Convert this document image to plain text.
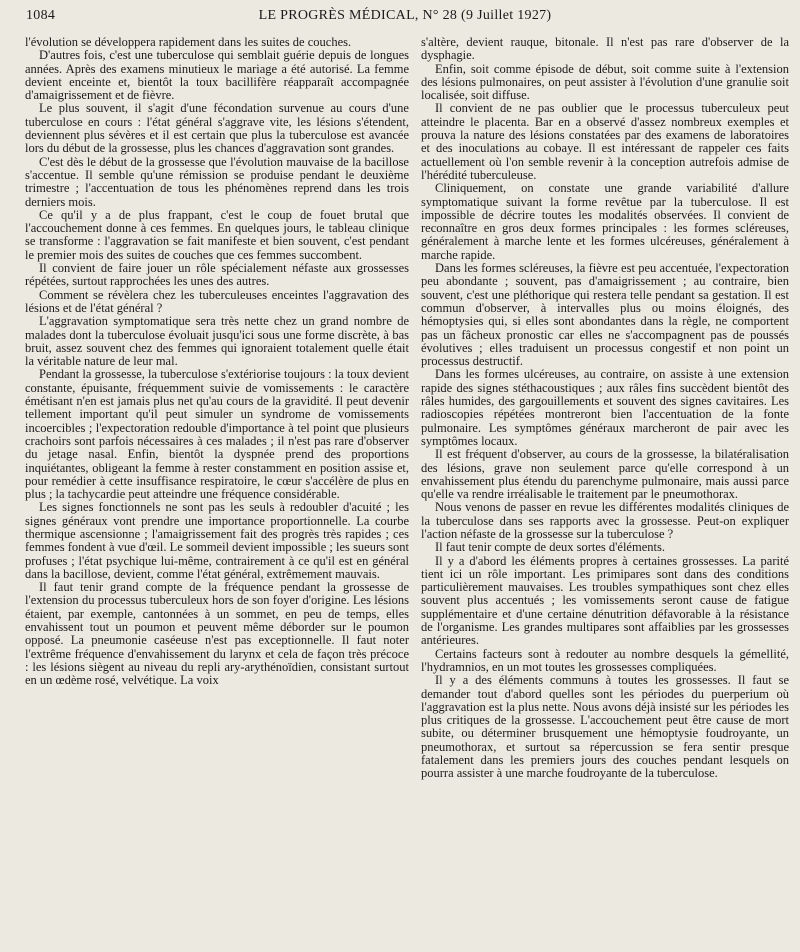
1084	LE PROGRÈS MÉDICAL, N° 28 (9 Juillet 1927)

l'évolution se développera rapidement dans les suites de couches.

D'autres fois, c'est une tuberculose qui semblait guérie depuis de longues années. Après des examens minutieux le mariage a été autorisé. La femme devient enceinte et, bientôt la toux bacillifère réapparaît accompagnée d'amaigrissement et de fièvre.

Le plus souvent, il s'agit d'une fécondation survenue au cours d'une tuberculose en cours : l'état général s'aggrave vite, les lésions s'étendent, deviennent plus sévères et il est certain que plus la tuberculose est avancée lors du début de la grossesse, plus les chances d'aggravation sont grandes.

C'est dès le début de la grossesse que l'évolution mauvaise de la bacillose s'accentue. Il semble qu'une rémission se produise pendant le deuxième trimestre ; l'accentuation de tous les phénomènes reprend dans les trois derniers mois.

Ce qu'il y a de plus frappant, c'est le coup de fouet brutal que l'accouchement donne à ces femmes. En quelques jours, le tableau clinique se transforme : l'aggravation se fait manifeste et bien souvent, c'est pendant le premier mois des suites de couches que ces femmes succombent.

Il convient de faire jouer un rôle spécialement néfaste aux grossesses répétées, surtout rapprochées les unes des autres.

Comment se révèlera chez les tuberculeuses enceintes l'aggravation des lésions et de l'état général ?

L'aggravation symptomatique sera très nette chez un grand nombre de malades dont la tuberculose évoluait jusqu'ici sous une forme discrète, à bas bruit, assez souvent chez des femmes qui ignoraient totalement quelle était la véritable nature de leur mal.

Pendant la grossesse, la tuberculose s'extériorise toujours : la toux devient constante, épuisante, fréquemment suivie de vomissements : le caractère émétisant n'en est jamais plus net qu'au cours de la gravidité. Il peut devenir tellement important qu'il peut simuler un syndrome de vomissements incoercibles ; l'expectoration redouble d'importance à tel point que plusieurs crachoirs sont parfois nécessaires à ces malades ; il n'est pas rare d'observer du jetage nasal. Enfin, bientôt la dyspnée prend des proportions inquiétantes, obligeant la femme à rester constamment en position assise et, pour remédier à cette insuffisance respiratoire, le cœur s'accélère de plus en plus ; la tachycardie peut atteindre une fréquence considérable.

Les signes fonctionnels ne sont pas les seuls à redoubler d'acuité ; les signes généraux vont prendre une importance proportionnelle. La courbe thermique ascensionne ; l'amaigrissement fait des progrès très rapides ; ces femmes fondent à vue d'œil. Le sommeil devient impossible ; les sueurs sont profuses ; l'état psychique lui-même, contrairement à ce qu'il est en général dans la bacillose, devient, comme l'état général, extrêmement mauvais.

Il faut tenir grand compte de la fréquence pendant la grossesse de l'extension du processus tuberculeux hors de son foyer d'origine. Les lésions étaient, par exemple, cantonnées à un sommet, en peu de temps, elles envahissent tout un poumon et peuvent même déborder sur le poumon opposé. La pneumonie caséeuse n'est pas exceptionnelle. Il faut noter l'extrême fréquence d'envahissement du larynx et cela de façon très précoce : les lésions siègent au niveau du repli ary-arythénoïdien, consistant surtout en un œdème rosé, velvétique. La voix

s'altère, devient rauque, bitonale. Il n'est pas rare d'observer de la dysphagie.

Enfin, soit comme épisode de début, soit comme suite à l'extension des lésions pulmonaires, on peut assister à l'évolution d'une granulie soit localisée, soit diffuse.

Il convient de ne pas oublier que le processus tuberculeux peut atteindre le placenta. Bar en a observé d'assez nombreux exemples et prouva la nature des lésions constatées par des examens de laboratoires et des inoculations au cobaye. Il est intéressant de rappeler ces faits actuellement où l'on semble revenir à la conception autrefois admise de l'hérédité tuberculeuse.

Cliniquement, on constate une grande variabilité d'allure symptomatique suivant la forme revêtue par la tuberculose. Il est impossible de décrire toutes les modalités observées. Il convient de reconnaître en gros deux formes principales : les formes scléreuses, généralement à marche lente et les formes ulcéreuses, généralement à marche rapide.

Dans les formes scléreuses, la fièvre est peu accentuée, l'expectoration peu abondante ; souvent, pas d'amaigrissement ; au contraire, bien souvent, c'est une pléthorique qui restera telle pendant sa gestation. Il est commun d'observer, à intervalles plus ou moins éloignés, des hémoptysies qui, si elles sont abondantes dans la règle, ne comportent pas un fâcheux pronostic car elles ne s'accompagnent pas de poussés évolutives ; elles traduisent un processus congestif et non point un processus destructif.

Dans les formes ulcéreuses, au contraire, on assiste à une extension rapide des signes stéthacoustiques ; aux râles fins succèdent bientôt des râles humides, des gargouillements et souvent des signes cavitaires. Les radioscopies répétées montreront bien l'accentuation de la fonte pulmonaire. Les symptômes généraux marcheront de pair avec les symptômes locaux.

Il est fréquent d'observer, au cours de la grossesse, la bilatéralisation des lésions, grave non seulement parce qu'elle correspond à un envahissement plus étendu du parenchyme pulmonaire, mais aussi parce qu'elle va rendre irréalisable le traitement par le pneumothorax.

Nous venons de passer en revue les différentes modalités cliniques de la tuberculose dans ses rapports avec la grossesse. Peut-on expliquer l'action néfaste de la grossesse sur la tuberculose ?

Il faut tenir compte de deux sortes d'éléments.

Il y a d'abord les éléments propres à certaines grossesses. La parité tient ici un rôle important. Les primipares sont dans des conditions particulièrement mauvaises. Les troubles sympathiques sont chez elles souvent plus accentués ; les vomissements seront cause de fatigue supplémentaire et d'une certaine dénutrition défavorable à la résistance de l'organisme. Les grandes multipares sont affaiblies par les grossesses antérieures.

Certains facteurs sont à redouter au nombre desquels la gémellité, l'hydramnios, en un mot toutes les grossesses compliquées.

Il y a des éléments communs à toutes les grossesses. Il faut se demander tout d'abord quelles sont les périodes du puerperium où l'aggravation est la plus nette. Nous avons déjà insisté sur les périodes les plus critiques de la grossesse. L'accouchement peut être cause de mort subite, ou déterminer brusquement une hémoptysie foudroyante, un pneumothorax, et surtout sa répercussion se fera sentir presque fatalement dans les premiers jours des couches pendant lesquels on pourra assister à une marche foudroyante de la tuberculose.
